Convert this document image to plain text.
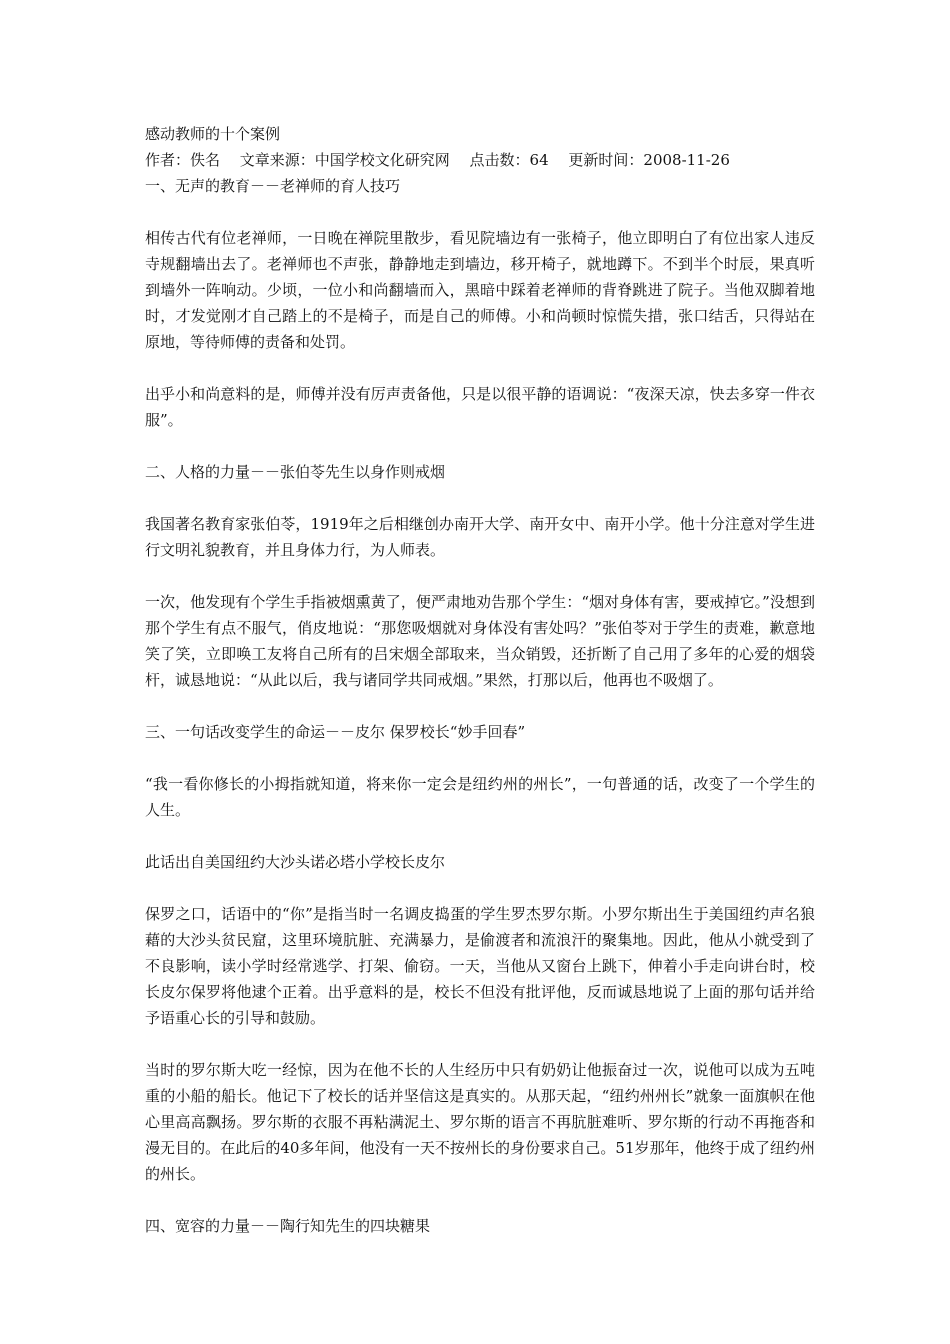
感动教师的十个案例

作者：佚名　 文章来源：中国学校文化研究网　 点击数：64　 更新时间：2008-11-26

一、无声的教育－－老禅师的育人技巧

相传古代有位老禅师，一日晚在禅院里散步，看见院墙边有一张椅子，他立即明白了有位出家人违反寺规翻墙出去了。老禅师也不声张，静静地走到墙边，移开椅子，就地蹲下。不到半个时辰，果真听到墙外一阵响动。少顷，一位小和尚翻墙而入，黑暗中踩着老禅师的背脊跳进了院子。当他双脚着地时，才发觉刚才自己踏上的不是椅子，而是自己的师傅。小和尚顿时惊慌失措，张口结舌，只得站在原地，等待师傅的责备和处罚。

出乎小和尚意料的是，师傅并没有厉声责备他，只是以很平静的语调说：“夜深天凉，快去多穿一件衣服”。

二、人格的力量－－张伯苓先生以身作则戒烟

我国著名教育家张伯苓，1919年之后相继创办南开大学、南开女中、南开小学。他十分注意对学生进行文明礼貌教育，并且身体力行，为人师表。

一次，他发现有个学生手指被烟熏黄了，便严肃地劝告那个学生：“烟对身体有害，要戒掉它。”没想到那个学生有点不服气，俏皮地说：“那您吸烟就对身体没有害处吗？”张伯苓对于学生的责难，歉意地笑了笑，立即唤工友将自己所有的吕宋烟全部取来，当众销毁，还折断了自己用了多年的心爱的烟袋杆，诚恳地说：“从此以后，我与诸同学共同戒烟。”果然，打那以后，他再也不吸烟了。

三、一句话改变学生的命运－－皮尔 保罗校长“妙手回春”

“我一看你修长的小拇指就知道，将来你一定会是纽约州的州长”，一句普通的话，改变了一个学生的人生。

此话出自美国纽约大沙头诺必塔小学校长皮尔

保罗之口，话语中的“你”是指当时一名调皮捣蛋的学生罗杰罗尔斯。小罗尔斯出生于美国纽约声名狼藉的大沙头贫民窟，这里环境肮脏、充满暴力，是偷渡者和流浪汗的聚集地。因此，他从小就受到了不良影响，读小学时经常逃学、打架、偷窃。一天，当他从又窗台上跳下，伸着小手走向讲台时，校长皮尔保罗将他逮个正着。出乎意料的是，校长不但没有批评他，反而诚恳地说了上面的那句话并给予语重心长的引导和鼓励。

当时的罗尔斯大吃一经惊，因为在他不长的人生经历中只有奶奶让他振奋过一次，说他可以成为五吨重的小船的船长。他记下了校长的话并坚信这是真实的。从那天起，“纽约州州长”就象一面旗帜在他心里高高飘扬。罗尔斯的衣服不再粘满泥土、罗尔斯的语言不再肮脏难听、罗尔斯的行动不再拖沓和漫无目的。在此后的40多年间，他没有一天不按州长的身份要求自己。51岁那年，他终于成了纽约州的州长。

四、宽容的力量－－陶行知先生的四块糖果
